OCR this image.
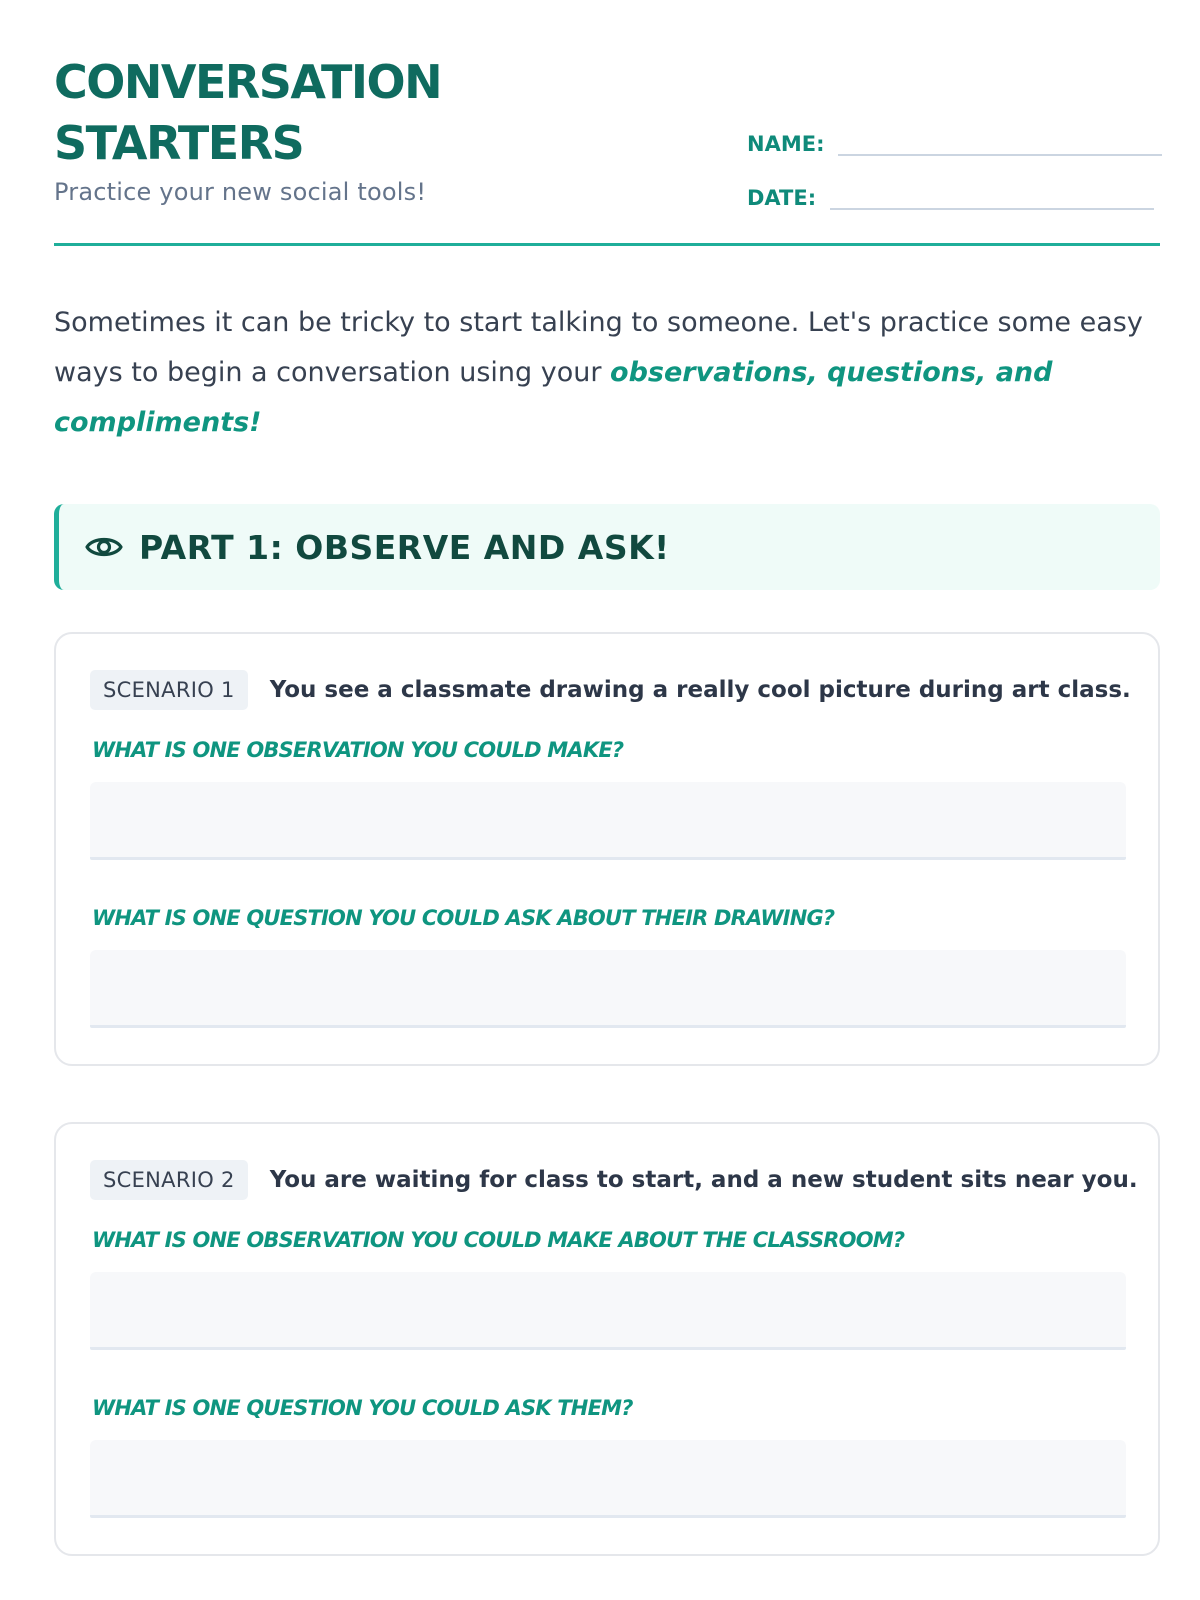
CONVERSATION
STARTERS
Practice your new social tools!
NAME:
DATE:

Sometimes it can be tricky to start talking to someone. Let's practice some easy ways to begin a conversation using your observations, questions, and compliments!

PART 1: OBSERVE AND ASK!
SCENARIO 1	You see a classmate drawing a really cool picture during art class.
WHAT IS ONE OBSERVATION YOU COULD MAKE?
WHAT IS ONE QUESTION YOU COULD ASK ABOUT THEIR DRAWING?
SCENARIO 2	You are waiting for class to start, and a new student sits near you.
WHAT IS ONE OBSERVATION YOU COULD MAKE ABOUT THE CLASSROOM?
WHAT IS ONE QUESTION YOU COULD ASK THEM?
